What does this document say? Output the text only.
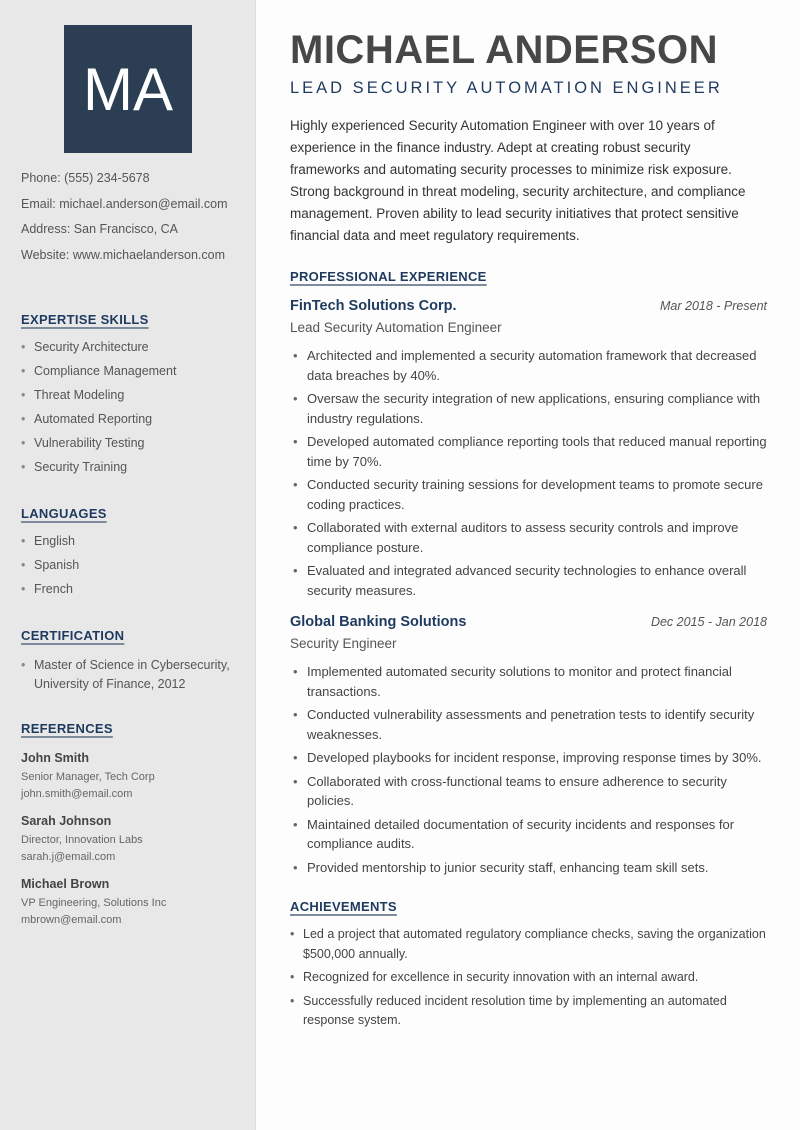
MA
Phone: (555) 234-5678
Email: michael.anderson@email.com
Address: San Francisco, CA
Website: www.michaelanderson.com
EXPERTISE SKILLS
• Security Architecture
• Compliance Management
• Threat Modeling
• Automated Reporting
• Vulnerability Testing
• Security Training
LANGUAGES
• English
• Spanish
• French
CERTIFICATION
• Master of Science in Cybersecurity, University of Finance, 2012
REFERENCES
John Smith
Senior Manager, Tech Corp
john.smith@email.com
Sarah Johnson
Director, Innovation Labs
sarah.j@email.com
Michael Brown
VP Engineering, Solutions Inc
mbrown@email.com
MICHAEL ANDERSON
LEAD SECURITY AUTOMATION ENGINEER
Highly experienced Security Automation Engineer with over 10 years of experience in the finance industry. Adept at creating robust security frameworks and automating security processes to minimize risk exposure. Strong background in threat modeling, security architecture, and compliance management. Proven ability to lead security initiatives that protect sensitive financial data and meet regulatory requirements.
PROFESSIONAL EXPERIENCE
FinTech Solutions Corp.	Mar 2018 - Present
Lead Security Automation Engineer
• Architected and implemented a security automation framework that decreased data breaches by 40%.
• Oversaw the security integration of new applications, ensuring compliance with industry regulations.
• Developed automated compliance reporting tools that reduced manual reporting time by 70%.
• Conducted security training sessions for development teams to promote secure coding practices.
• Collaborated with external auditors to assess security controls and improve compliance posture.
• Evaluated and integrated advanced security technologies to enhance overall security measures.
Global Banking Solutions	Dec 2015 - Jan 2018
Security Engineer
• Implemented automated security solutions to monitor and protect financial transactions.
• Conducted vulnerability assessments and penetration tests to identify security weaknesses.
• Developed playbooks for incident response, improving response times by 30%.
• Collaborated with cross-functional teams to ensure adherence to security policies.
• Maintained detailed documentation of security incidents and responses for compliance audits.
• Provided mentorship to junior security staff, enhancing team skill sets.
ACHIEVEMENTS
• Led a project that automated regulatory compliance checks, saving the organization $500,000 annually.
• Recognized for excellence in security innovation with an internal award.
• Successfully reduced incident resolution time by implementing an automated response system.
